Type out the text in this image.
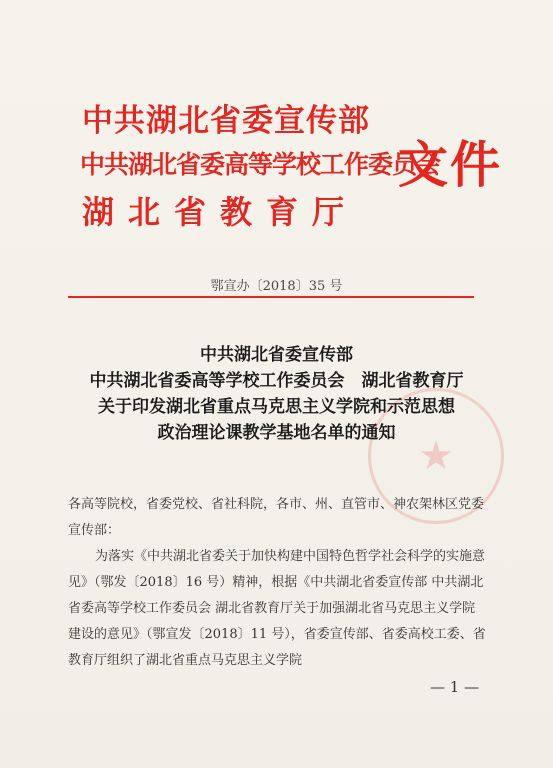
★
中共湖北省委宣传部
中共湖北省委高等学校工作委员会
湖北省教育厅
文件
鄂宣办〔2018〕35 号
中共湖北省委宣传部
中共湖北省委高等学校工作委员会　湖北省教育厅
关于印发湖北省重点马克思主义学院和示范思想
政治理论课教学基地名单的通知

各高等院校，省委党校、省社科院，各市、州、直管市、神农架林区党委宣传部：

为落实《中共湖北省委关于加快构建中国特色哲学社会科学的实施意见》（鄂发〔2018〕16 号）精神，根据《中共湖北省委宣传部 中共湖北省委高等学校工作委员会 湖北省教育厅关于加强湖北省马克思主义学院建设的意见》（鄂宣发〔2018〕11 号），省委宣传部、省委高校工委、省教育厅组织了湖北省重点马克思主义学院

— 1 —
